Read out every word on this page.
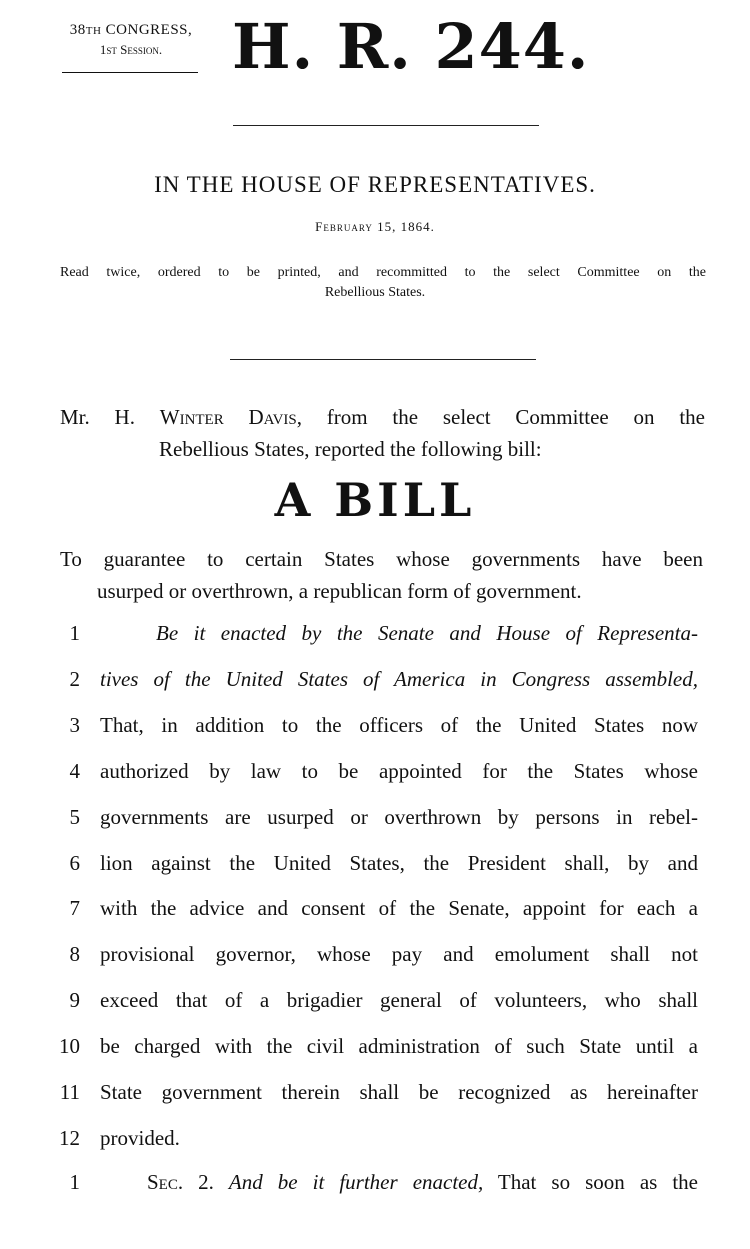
38th CONGRESS,
1st Session.	H. R. 244.
IN THE HOUSE OF REPRESENTATIVES.
February 15, 1864.
Read twice, ordered to be printed, and recommitted to the select Committee on the
Rebellious States.
Mr. H. Winter Davis, from the select Committee on the
Rebellious States, reported the following bill:
A BILL
To guarantee to certain States whose governments have been
usurped or overthrown, a republican form of government.
1	Be it enacted by the Senate and House of Representa-
2 tives of the United States of America in Congress assembled,
3 That, in addition to the officers of the United States now
4 authorized by law to be appointed for the States whose
5 governments are usurped or overthrown by persons in rebel-
6 lion against the United States, the President shall, by and
7 with the advice and consent of the Senate, appoint for each a
8 provisional governor, whose pay and emolument shall not
9 exceed that of a brigadier general of volunteers, who shall
10 be charged with the civil administration of such State until a
11 State government therein shall be recognized as hereinafter
12 provided.
1	Sec. 2. And be it further enacted, That so soon as the
